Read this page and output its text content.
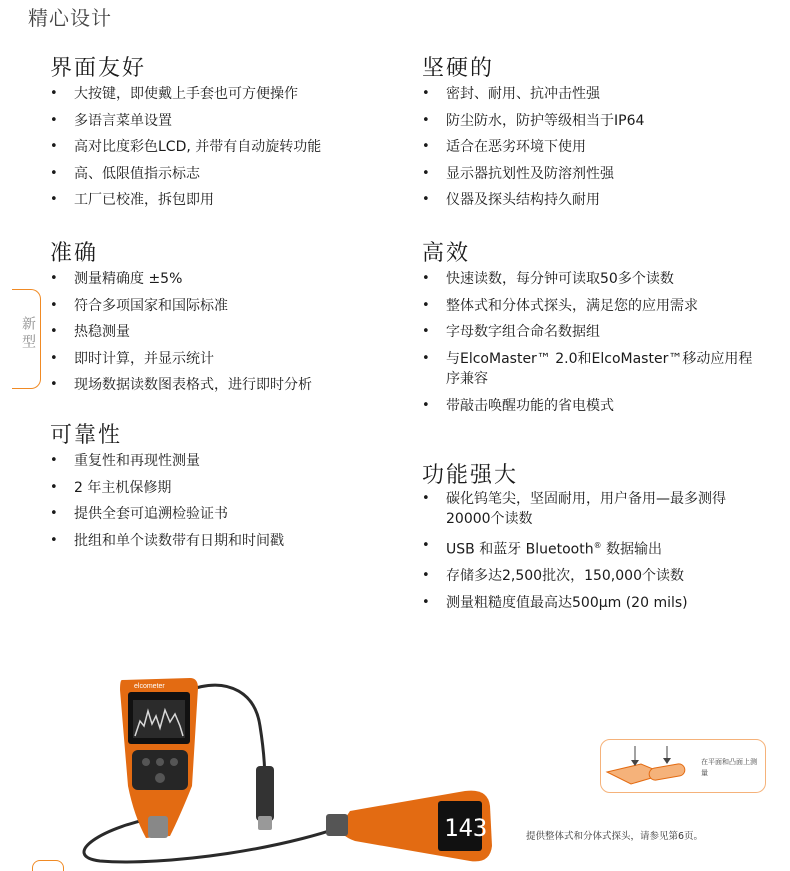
精心设计
新型
界面友好
• 大按键，即使戴上手套也可方便操作
• 多语言菜单设置
• 高对比度彩色LCD, 并带有自动旋转功能
• 高、低限值指示标志
• 工厂已校准，拆包即用
准确
• 测量精确度 ±5%
• 符合多项国家和国际标准
• 热稳测量
• 即时计算，并显示统计
• 现场数据读数图表格式，进行即时分析
可靠性
• 重复性和再现性测量
• 2 年主机保修期
• 提供全套可追溯检验证书
• 批组和单个读数带有日期和时间戳
坚硬的
• 密封、耐用、抗冲击性强
• 防尘防水，防护等级相当于IP64
• 适合在恶劣环境下使用
• 显示器抗划性及防溶剂性强
• 仪器及探头结构持久耐用
高效
• 快速读数，每分钟可读取50多个读数
• 整体式和分体式探头，满足您的应用需求
• 字母数字组合命名数据组
• 与ElcoMaster™ 2.0和ElcoMaster™移动应用程序兼容
• 带敲击唤醒功能的省电模式
功能强大
• 碳化钨笔尖，坚固耐用，用户备用—最多测得20000个读数
• USB 和蓝牙 Bluetooth® 数据输出
• 存储多达2,500批次，150,000个读数
• 测量粗糙度值最高达500μm (20 mils)
elcometer
143
在平面和凸面上测量
提供整体式和分体式探头，请参见第6页。
